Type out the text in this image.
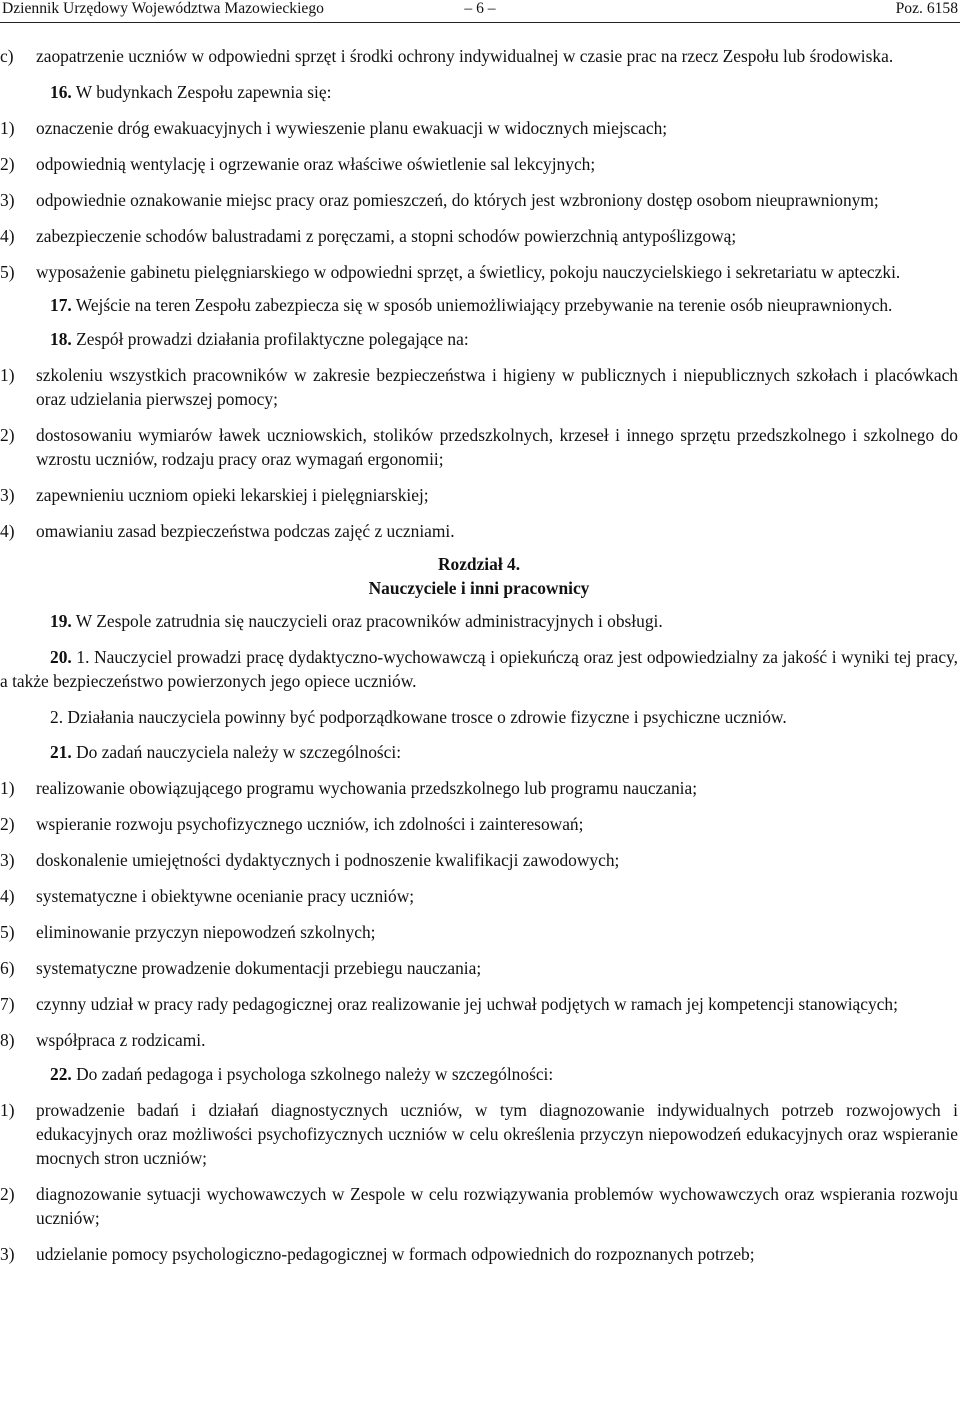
Dziennik Urzędowy Województwa Mazowieckiego	– 6 –	Poz. 6158
c) zaopatrzenie uczniów w odpowiedni sprzęt i środki ochrony indywidualnej w czasie prac na rzecz Zespołu lub środowiska.
16. W budynkach Zespołu zapewnia się:
1) oznaczenie dróg ewakuacyjnych i wywieszenie planu ewakuacji w widocznych miejscach;
2) odpowiednią wentylację i ogrzewanie oraz właściwe oświetlenie sal lekcyjnych;
3) odpowiednie oznakowanie miejsc pracy oraz pomieszczeń, do których jest wzbroniony dostęp osobom nieuprawnionym;
4) zabezpieczenie schodów balustradami z poręczami, a stopni schodów powierzchnią antypoślizgową;
5) wyposażenie gabinetu pielęgniarskiego w odpowiedni sprzęt, a świetlicy, pokoju nauczycielskiego i sekretariatu w apteczki.
17. Wejście na teren Zespołu zabezpiecza się w sposób uniemożliwiający przebywanie na terenie osób nieuprawnionych.
18. Zespół prowadzi działania profilaktyczne polegające na:
1) szkoleniu wszystkich pracowników w zakresie bezpieczeństwa i higieny w publicznych i niepublicznych szkołach i placówkach oraz udzielania pierwszej pomocy;
2) dostosowaniu wymiarów ławek uczniowskich, stolików przedszkolnych, krzeseł i innego sprzętu przedszkolnego i szkolnego do wzrostu uczniów, rodzaju pracy oraz wymagań ergonomii;
3) zapewnieniu uczniom opieki lekarskiej i pielęgniarskiej;
4) omawianiu zasad bezpieczeństwa podczas zajęć z uczniami.
Rozdział 4.
Nauczyciele i inni pracownicy
19. W Zespole zatrudnia się nauczycieli oraz pracowników administracyjnych i obsługi.
20. 1. Nauczyciel prowadzi pracę dydaktyczno-wychowawczą i opiekuńczą oraz jest odpowiedzialny za jakość i wyniki tej pracy, a także bezpieczeństwo powierzonych jego opiece uczniów.
2. Działania nauczyciela powinny być podporządkowane trosce o zdrowie fizyczne i psychiczne uczniów.
21. Do zadań nauczyciela należy w szczególności:
1) realizowanie obowiązującego programu wychowania przedszkolnego lub programu nauczania;
2) wspieranie rozwoju psychofizycznego uczniów, ich zdolności i zainteresowań;
3) doskonalenie umiejętności dydaktycznych i podnoszenie kwalifikacji zawodowych;
4) systematyczne i obiektywne ocenianie pracy uczniów;
5) eliminowanie przyczyn niepowodzeń szkolnych;
6) systematyczne prowadzenie dokumentacji przebiegu nauczania;
7) czynny udział w pracy rady pedagogicznej oraz realizowanie jej uchwał podjętych w ramach jej kompetencji stanowiących;
8) współpraca z rodzicami.
22. Do zadań pedagoga i psychologa szkolnego należy w szczególności:
1) prowadzenie badań i działań diagnostycznych uczniów, w tym diagnozowanie indywidualnych potrzeb rozwojowych i edukacyjnych oraz możliwości psychofizycznych uczniów w celu określenia przyczyn niepowodzeń edukacyjnych oraz wspieranie mocnych stron uczniów;
2) diagnozowanie sytuacji wychowawczych w Zespole w celu rozwiązywania problemów wychowawczych oraz wspierania rozwoju uczniów;
3) udzielanie pomocy psychologiczno-pedagogicznej w formach odpowiednich do rozpoznanych potrzeb;
